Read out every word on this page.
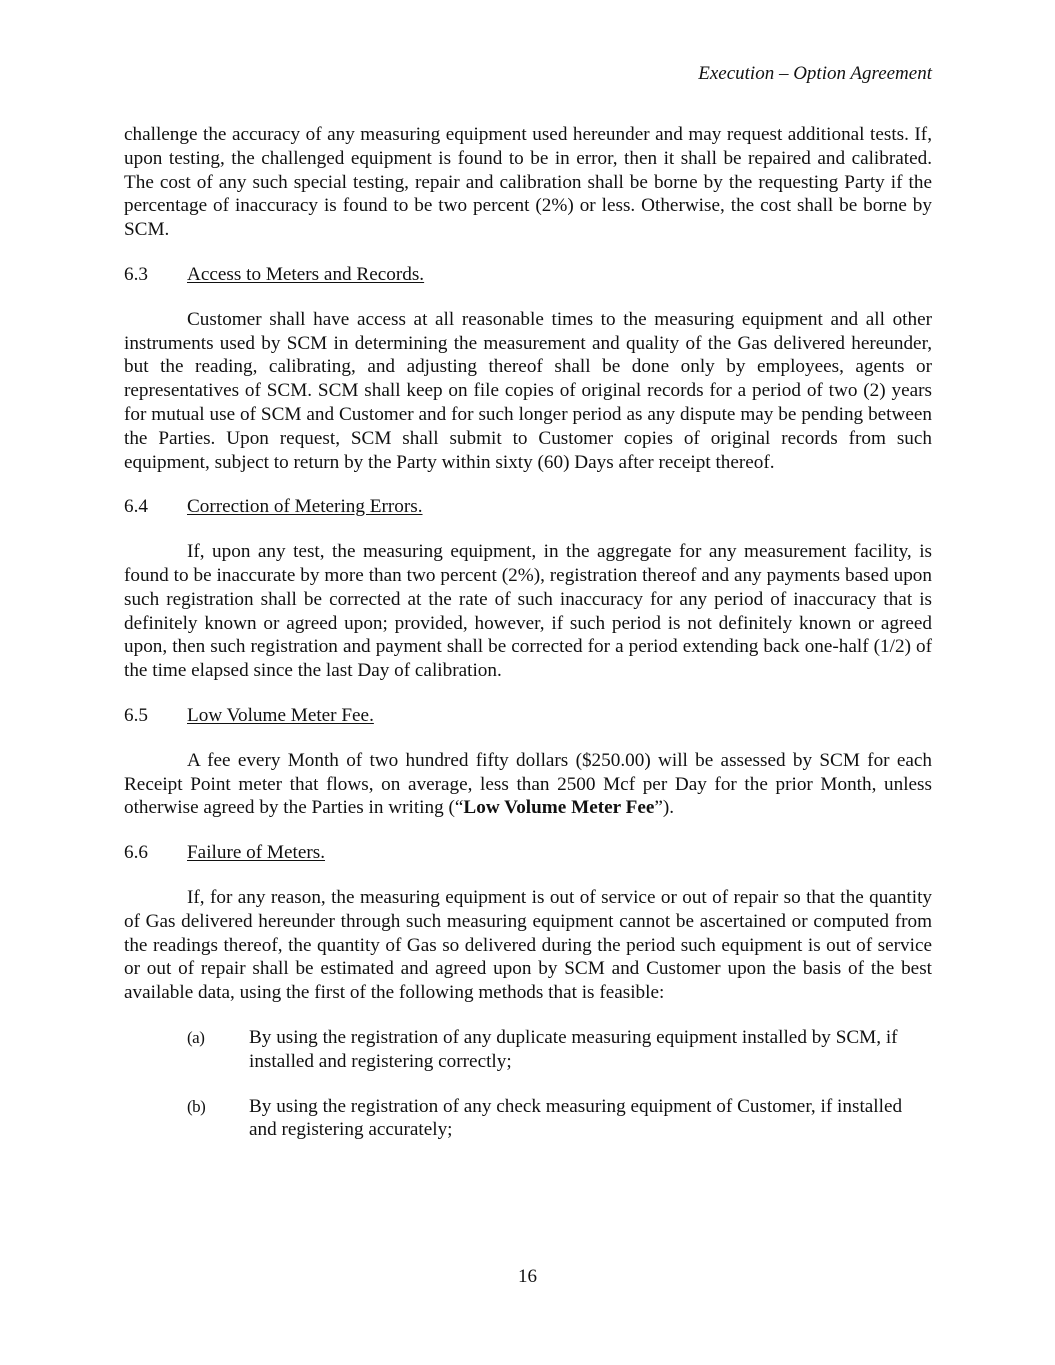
Execution – Option Agreement

challenge the accuracy of any measuring equipment used hereunder and may request additional tests. If, upon testing, the challenged equipment is found to be in error, then it shall be repaired and calibrated. The cost of any such special testing, repair and calibration shall be borne by the requesting Party if the percentage of inaccuracy is found to be two percent (2%) or less. Otherwise, the cost shall be borne by SCM.

6.3	Access to Meters and Records.

Customer shall have access at all reasonable times to the measuring equipment and all other instruments used by SCM in determining the measurement and quality of the Gas delivered hereunder, but the reading, calibrating, and adjusting thereof shall be done only by employees, agents or representatives of SCM. SCM shall keep on file copies of original records for a period of two (2) years for mutual use of SCM and Customer and for such longer period as any dispute may be pending between the Parties. Upon request, SCM shall submit to Customer copies of original records from such equipment, subject to return by the Party within sixty (60) Days after receipt thereof.

6.4	Correction of Metering Errors.

If, upon any test, the measuring equipment, in the aggregate for any measurement facility, is found to be inaccurate by more than two percent (2%), registration thereof and any payments based upon such registration shall be corrected at the rate of such inaccuracy for any period of inaccuracy that is definitely known or agreed upon; provided, however, if such period is not definitely known or agreed upon, then such registration and payment shall be corrected for a period extending back one-half (1/2) of the time elapsed since the last Day of calibration.

6.5	Low Volume Meter Fee.

A fee every Month of two hundred fifty dollars ($250.00) will be assessed by SCM for each Receipt Point meter that flows, on average, less than 2500 Mcf per Day for the prior Month, unless otherwise agreed by the Parties in writing (“Low Volume Meter Fee”).

6.6	Failure of Meters.

If, for any reason, the measuring equipment is out of service or out of repair so that the quantity of Gas delivered hereunder through such measuring equipment cannot be ascertained or computed from the readings thereof, the quantity of Gas so delivered during the period such equipment is out of service or out of repair shall be estimated and agreed upon by SCM and Customer upon the basis of the best available data, using the first of the following methods that is feasible:

(a)	By using the registration of any duplicate measuring equipment installed by SCM, if installed and registering correctly;
(b)	By using the registration of any check measuring equipment of Customer, if installed and registering accurately;
16
